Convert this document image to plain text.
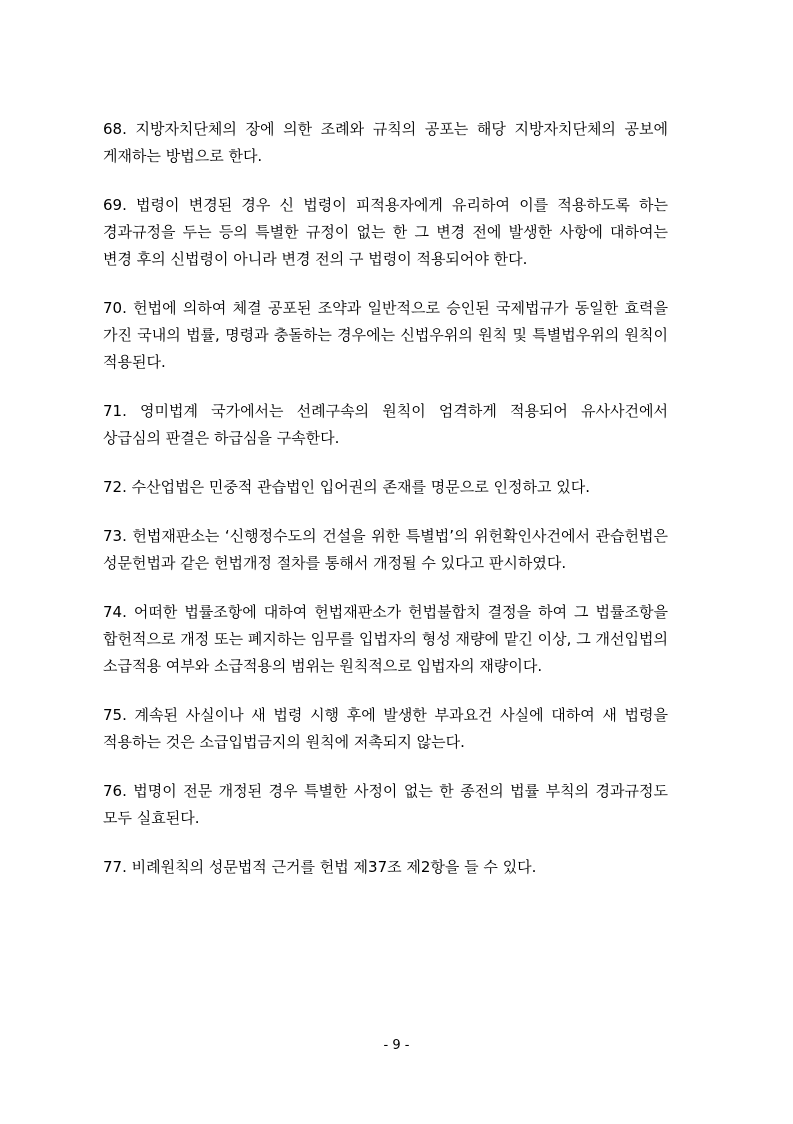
68. 지방자치단체의 장에 의한 조례와 규칙의 공포는 해당 지방자치단체의 공보에 게재하는 방법으로 한다.

69. 법령이 변경된 경우 신 법령이 피적용자에게 유리하여 이를 적용하도록 하는 경과규정을 두는 등의 특별한 규정이 없는 한 그 변경 전에 발생한 사항에 대하여는 변경 후의 신법령이 아니라 변경 전의 구 법령이 적용되어야 한다.

70. 헌법에 의하여 체결 공포된 조약과 일반적으로 승인된 국제법규가 동일한 효력을 가진 국내의 법률, 명령과 충돌하는 경우에는 신법우위의 원칙 및 특별법우위의 원칙이 적용된다.

71. 영미법계 국가에서는 선례구속의 원칙이 엄격하게 적용되어 유사사건에서 상급심의 판결은 하급심을 구속한다.

72. 수산업법은 민중적 관습법인 입어권의 존재를 명문으로 인정하고 있다.

73. 헌법재판소는 ‘신행정수도의 건설을 위한 특별법’의 위헌확인사건에서 관습헌법은 성문헌법과 같은 헌법개정 절차를 통해서 개정될 수 있다고 판시하였다.

74. 어떠한 법률조항에 대하여 헌법재판소가 헌법불합치 결정을 하여 그 법률조항을 합헌적으로 개정 또는 폐지하는 임무를 입법자의 형성 재량에 맡긴 이상, 그 개선입법의 소급적용 여부와 소급적용의 범위는 원칙적으로 입법자의 재량이다.

75. 계속된 사실이나 새 법령 시행 후에 발생한 부과요건 사실에 대하여 새 법령을 적용하는 것은 소급입법금지의 원칙에 저촉되지 않는다.

76. 법명이 전문 개정된 경우 특별한 사정이 없는 한 종전의 법률 부칙의 경과규정도 모두 실효된다.

77. 비례원칙의 성문법적 근거를 헌법 제37조 제2항을 들 수 있다.

- 9 -
